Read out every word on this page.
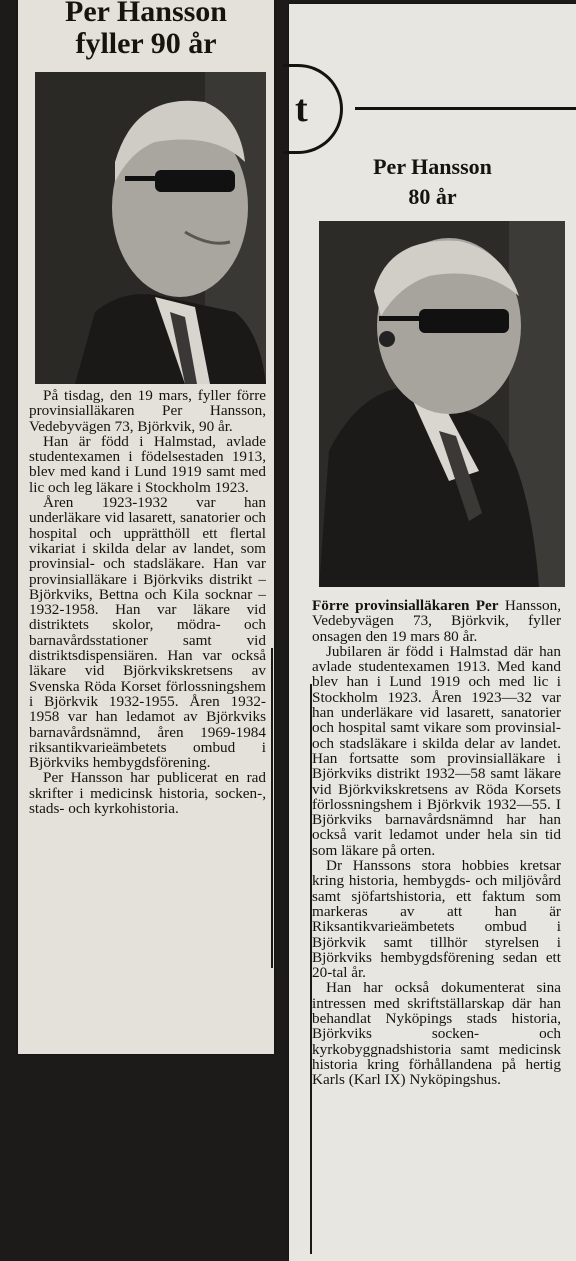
Per Hansson
fyller 90 år

På tisdag, den 19 mars, fyller förre provinsialläkaren Per Hansson, Vedebyvägen 73, Björkvik, 90 år.

Han är född i Halmstad, avlade studentexamen i födelsestaden 1913, blev med kand i Lund 1919 samt med lic och leg läkare i Stockholm 1923.

Åren 1923-1932 var han underläkare vid lasarett, sanatorier och hospital och upprätthöll ett flertal vikariat i skilda delar av landet, som provinsial- och stadsläkare. Han var provinsialläkare i Björkviks distrikt – Björkviks, Bettna och Kila socknar – 1932-1958. Han var läkare vid distriktets skolor, mödra- och barnavårdsstationer samt vid distriktsdispensiären. Han var också läkare vid Björkvikskretsens av Svenska Röda Korset förlossningshem i Björkvik 1932-1955. Åren 1932-1958 var han ledamot av Björkviks barnavårdsnämnd, åren 1969-1984 riksantikvarieämbetets ombud i Björkviks hembygdsförening.

Per Hansson har publicerat en rad skrifter i medicinsk historia, socken-, stads- och kyrkohistoria.

t
Per Hansson
80 år

Förre provinsialläkaren Per Hansson, Vedebyvägen 73, Björkvik, fyller onsagen den 19 mars 80 år.

Jubilaren är född i Halmstad där han avlade studentexamen 1913. Med kand blev han i Lund 1919 och med lic i Stockholm 1923. Åren 1923—32 var han underläkare vid lasarett, sanatorier och hospital samt vikare som provinsial- och stadsläkare i skilda delar av landet. Han fortsatte som provinsialläkare i Björkviks distrikt 1932—58 samt läkare vid Björkvikskretsens av Röda Korsets förlossningshem i Björkvik 1932—55. I Björkviks barnavårdsnämnd har han också varit ledamot under hela sin tid som läkare på orten.

Dr Hanssons stora hobbies kretsar kring historia, hembygds- och miljövård samt sjöfartshistoria, ett faktum som markeras av att han är Riksantikvarieämbetets ombud i Björkvik samt tillhör styrelsen i Björkviks hembygdsförening sedan ett 20-tal år.

Han har också dokumenterat sina intressen med skriftställarskap där han behandlat Nyköpings stads historia, Björkviks socken- och kyrkobyggnadshistoria samt medicinsk historia kring förhållandena på hertig Karls (Karl IX) Nyköpingshus.
